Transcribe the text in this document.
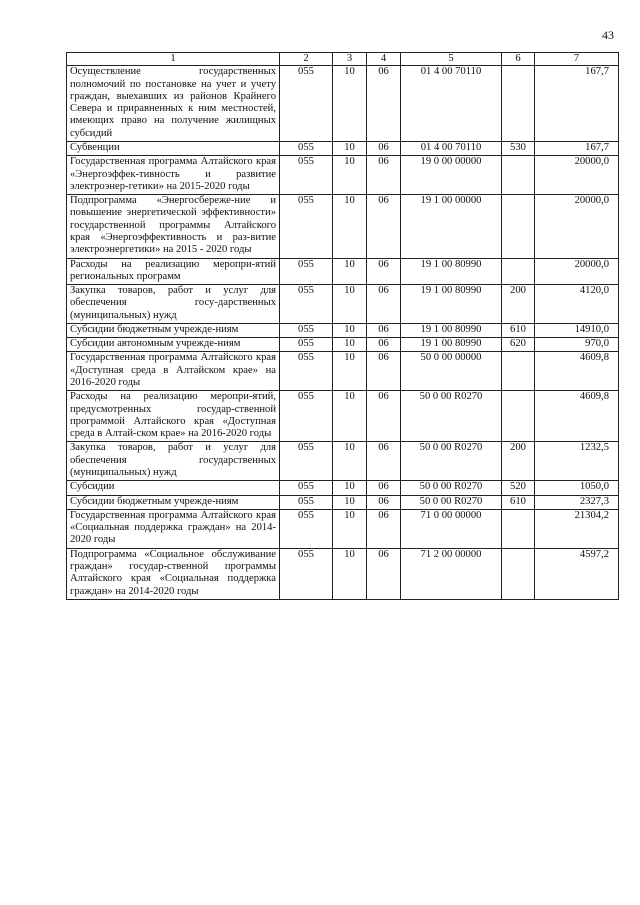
43
1	2	3	4	5	6	7
Осуществление государственных полномочий по постановке на учет и учету граждан, выехавших из районов Крайнего Севера и приравненных к ним местностей, имеющих право на получение жилищных субсидий	055	10	06	01 4 00 70110		167,7
Субвенции	055	10	06	01 4 00 70110	530	167,7
Государственная программа Алтайского края «Энергоэффек-тивность и развитие электроэнер-гетики» на 2015-2020 годы	055	10	06	19 0 00 00000		20000,0
Подпрограмма «Энергосбереже-ние и повышение энергетической эффективности» государственной программы Алтайского края «Энергоэффективность и раз-витие электроэнергетики» на 2015 - 2020 годы	055	10	06	19 1 00 00000		20000,0
Расходы на реализацию меропри-ятий региональных программ	055	10	06	19 1 00 80990		20000,0
Закупка товаров, работ и услуг для обеспечения госу-дарственных (муниципальных) нужд	055	10	06	19 1 00 80990	200	4120,0
Субсидии бюджетным учрежде-ниям	055	10	06	19 1 00 80990	610	14910,0
Субсидии автономным учрежде-ниям	055	10	06	19 1 00 80990	620	970,0
Государственная программа Алтайского края «Доступная среда в Алтайском крае» на 2016-2020 годы	055	10	06	50 0 00 00000		4609,8
Расходы на реализацию меропри-ятий, предусмотренных государ-ственной программой Алтайского края «Доступная среда в Алтай-ском крае» на 2016-2020 годы	055	10	06	50 0 00 R0270		4609,8
Закупка товаров, работ и услуг для обеспечения государственных (муниципальных) нужд	055	10	06	50 0 00 R0270	200	1232,5
Субсидии	055	10	06	50 0 00 R0270	520	1050,0
Субсидии бюджетным учрежде-ниям	055	10	06	50 0 00 R0270	610	2327,3
Государственная программа Алтайского края «Социальная поддержка граждан» на 2014-2020 годы	055	10	06	71 0 00 00000		21304,2
Подпрограмма «Социальное обслуживание граждан» государ-ственной программы Алтайского края «Социальная поддержка граждан» на 2014-2020 годы	055	10	06	71 2 00 00000		4597,2
